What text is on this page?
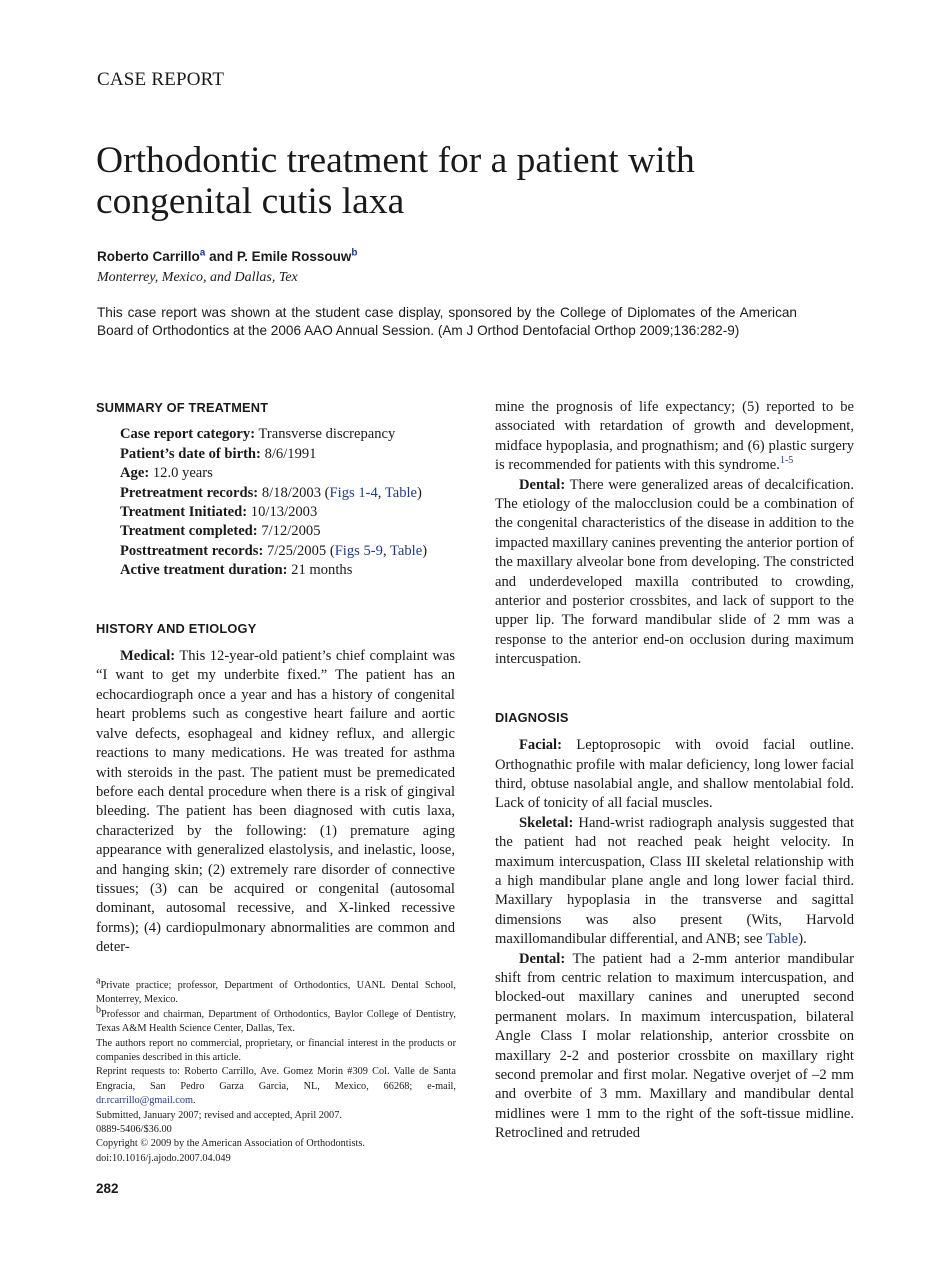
CASE REPORT
Orthodontic treatment for a patient with congenital cutis laxa
Roberto Carrillo$^a$ and P. Emile Rossouw$^b$
Monterrey, Mexico, and Dallas, Tex
This case report was shown at the student case display, sponsored by the College of Diplomates of the American Board of Orthodontics at the 2006 AAO Annual Session. (Am J Orthod Dentofacial Orthop 2009;136:282-9)
SUMMARY OF TREATMENT
Case report category: Transverse discrepancy
Patient’s date of birth: 8/6/1991
Age: 12.0 years
Pretreatment records: 8/18/2003 (Figs 1-4, Table)
Treatment Initiated: 10/13/2003
Treatment completed: 7/12/2005
Posttreatment records: 7/25/2005 (Figs 5-9, Table)
Active treatment duration: 21 months
HISTORY AND ETIOLOGY

Medical: This 12-year-old patient’s chief complaint was “I want to get my underbite fixed.” The patient has an echocardiograph once a year and has a history of congenital heart problems such as congestive heart failure and aortic valve defects, esophageal and kidney reflux, and allergic reactions to many medications. He was treated for asthma with steroids in the past. The patient must be premedicated before each dental procedure when there is a risk of gingival bleeding. The patient has been diagnosed with cutis laxa, characterized by the following: (1) premature aging appearance with generalized elastolysis, and inelastic, loose, and hanging skin; (2) extremely rare disorder of connective tissues; (3) can be acquired or congenital (autosomal dominant, autosomal recessive, and X-linked recessive forms); (4) cardiopulmonary abnormalities are common and deter-

mine the prognosis of life expectancy; (5) reported to be associated with retardation of growth and development, midface hypoplasia, and prognathism; and (6) plastic surgery is recommended for patients with this syndrome.$^{1-5}$

Dental: There were generalized areas of decalcification. The etiology of the malocclusion could be a combination of the congenital characteristics of the disease in addition to the impacted maxillary canines preventing the anterior portion of the maxillary alveolar bone from developing. The constricted and underdeveloped maxilla contributed to crowding, anterior and posterior crossbites, and lack of support to the upper lip. The forward mandibular slide of 2 mm was a response to the anterior end-on occlusion during maximum intercuspation.

DIAGNOSIS

Facial: Leptoprosopic with ovoid facial outline. Orthognathic profile with malar deficiency, long lower facial third, obtuse nasolabial angle, and shallow mentolabial fold. Lack of tonicity of all facial muscles.

Skeletal: Hand-wrist radiograph analysis suggested that the patient had not reached peak height velocity. In maximum intercuspation, Class III skeletal relationship with a high mandibular plane angle and long lower facial third. Maxillary hypoplasia in the transverse and sagittal dimensions was also present (Wits, Harvold maxillomandibular differential, and ANB; see Table).

Dental: The patient had a 2-mm anterior mandibular shift from centric relation to maximum intercuspation, and blocked-out maxillary canines and unerupted second permanent molars. In maximum intercuspation, bilateral Angle Class I molar relationship, anterior crossbite on maxillary 2-2 and posterior crossbite on maxillary right second premolar and first molar. Negative overjet of –2 mm and overbite of 3 mm. Maxillary and mandibular dental midlines were 1 mm to the right of the soft-tissue midline. Retroclined and retruded

$^a$Private practice; professor, Department of Orthodontics, UANL Dental School, Monterrey, Mexico.
$^b$Professor and chairman, Department of Orthodontics, Baylor College of Dentistry, Texas A&M Health Science Center, Dallas, Tex.
The authors report no commercial, proprietary, or financial interest in the products or companies described in this article.
Reprint requests to: Roberto Carrillo, Ave. Gomez Morin #309 Col. Valle de Santa Engracia, San Pedro Garza Garcia, NL, Mexico, 66268; e-mail, dr.rcarrillo@gmail.com.
Submitted, January 2007; revised and accepted, April 2007.
0889-5406/$36.00
Copyright © 2009 by the American Association of Orthodontists.
doi:10.1016/j.ajodo.2007.04.049
282
